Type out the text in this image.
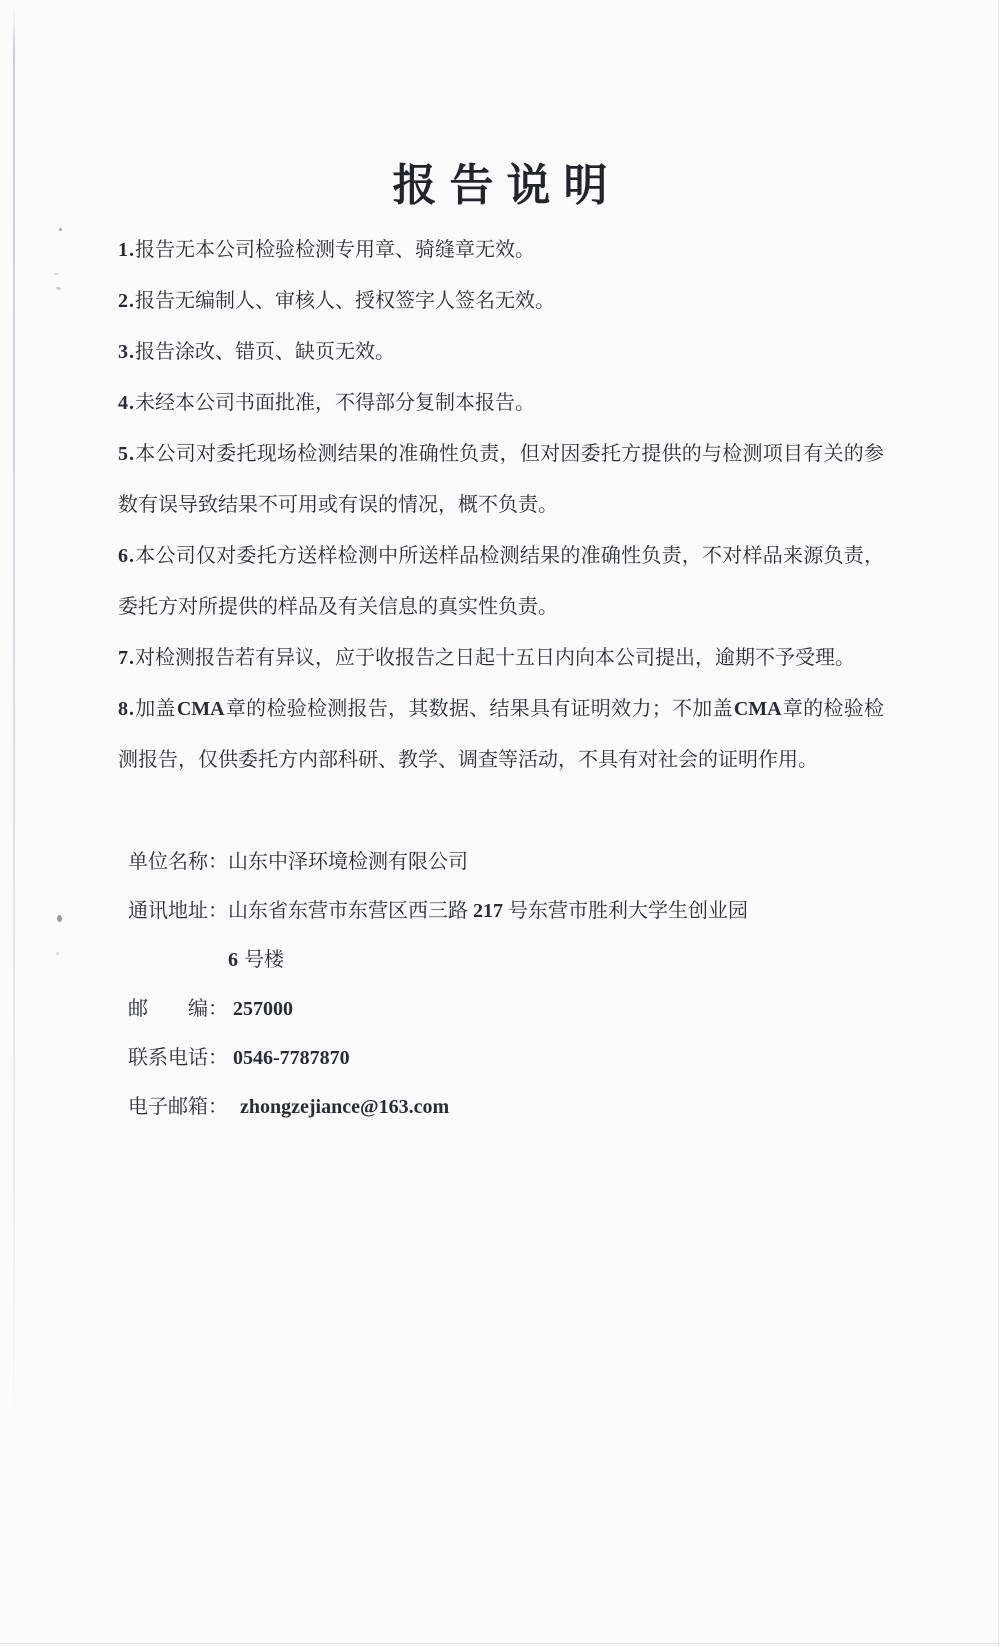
报告说明

1.报告无本公司检验检测专用章、骑缝章无效。

2.报告无编制人、审核人、授权签字人签名无效。

3.报告涂改、错页、缺页无效。

4.未经本公司书面批准，不得部分复制本报告。

5.本公司对委托现场检测结果的准确性负责，但对因委托方提供的与检测项目有关的参数有误导致结果不可用或有误的情况，概不负责。

6.本公司仅对委托方送样检测中所送样品检测结果的准确性负责，不对样品来源负责，委托方对所提供的样品及有关信息的真实性负责。

7.对检测报告若有异议，应于收报告之日起十五日内向本公司提出，逾期不予受理。

8.加盖CMA章的检验检测报告，其数据、结果具有证明效力；不加盖CMA章的检验检测报告，仅供委托方内部科研、教学、调查等活动，不具有对社会的证明作用。

单位名称：山东中泽环境检测有限公司

通讯地址：山东省东营市东营区西三路 217 号东营市胜利大学生创业园

6 号楼

邮　　编： 257000

联系电话： 0546-7787870

电子邮箱： zhongzejiance@163.com
